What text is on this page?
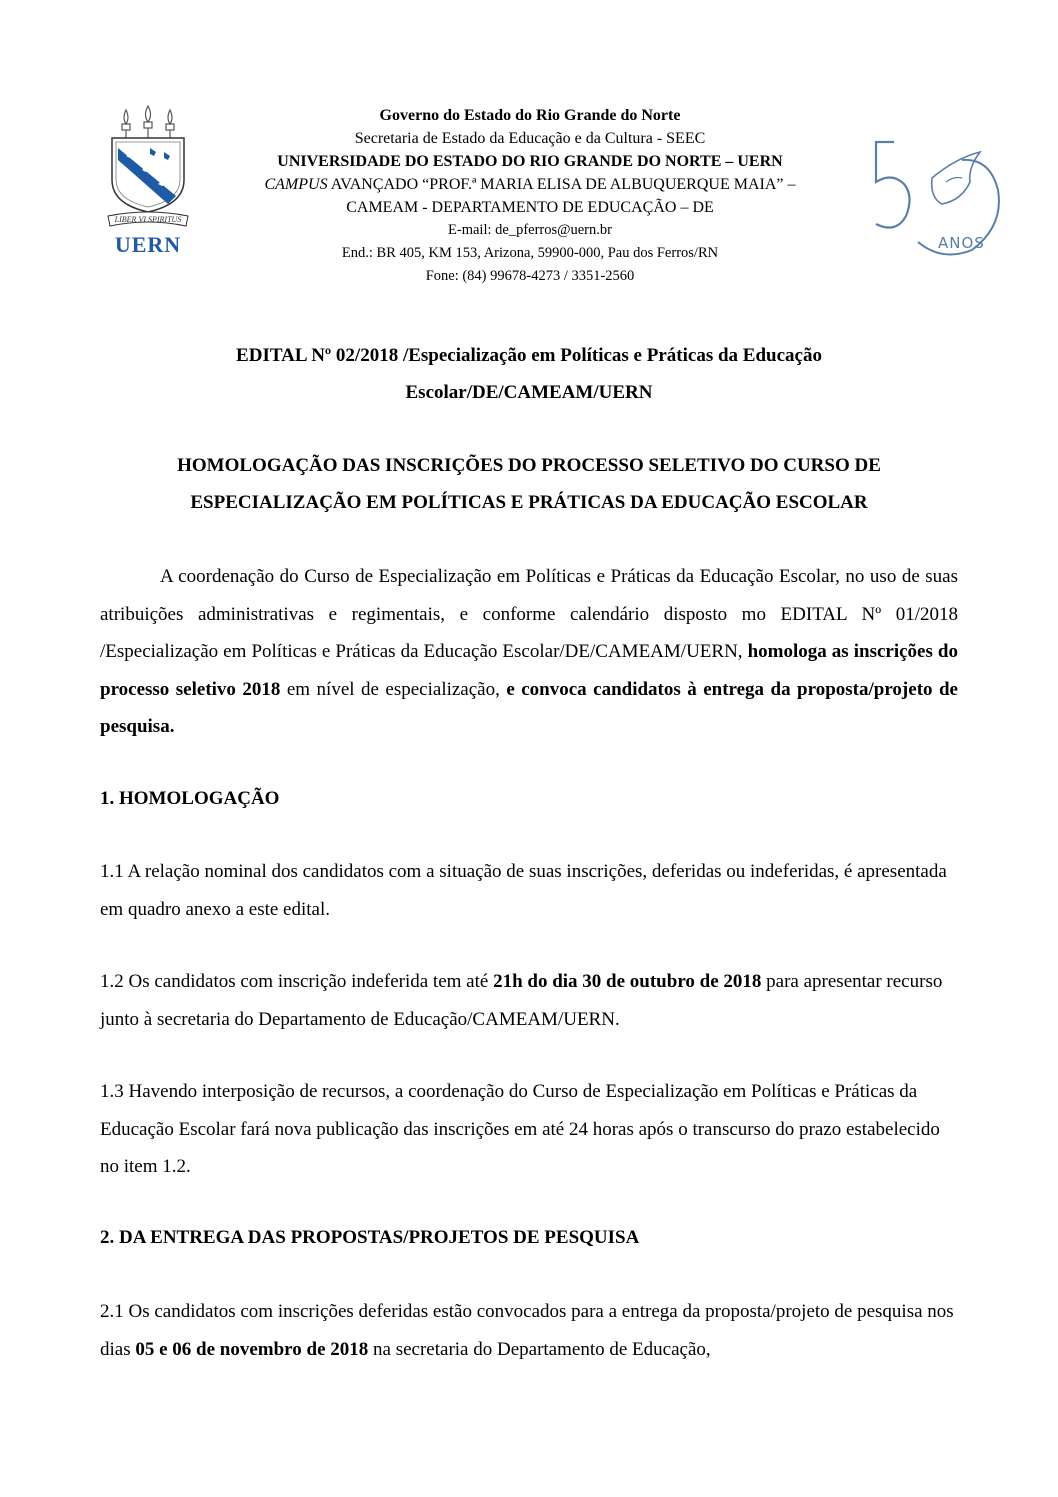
LIBER VI SPIRITUS
UERN
Governo do Estado do Rio Grande do Norte
Secretaria de Estado da Educação e da Cultura - SEEC
UNIVERSIDADE DO ESTADO DO RIO GRANDE DO NORTE – UERN
CAMPUS AVANÇADO “PROF.ª MARIA ELISA DE ALBUQUERQUE MAIA” –
CAMEAM - DEPARTAMENTO DE EDUCAÇÃO – DE
E-mail: de_pferros@uern.br
End.: BR 405, KM 153, Arizona, 59900-000, Pau dos Ferros/RN
Fone: (84) 99678-4273 / 3351-2560
ANOS
EDITAL Nº 02/2018 /Especialização em Políticas e Práticas da Educação
Escolar/DE/CAMEAM/UERN
HOMOLOGAÇÃO DAS INSCRIÇÕES DO PROCESSO SELETIVO DO CURSO DE
ESPECIALIZAÇÃO EM POLÍTICAS E PRÁTICAS DA EDUCAÇÃO ESCOLAR
A coordenação do Curso de Especialização em Políticas e Práticas da Educação Escolar, no uso de suas atribuições administrativas e regimentais, e conforme calendário disposto mo EDITAL Nº 01/2018 /Especialização em Políticas e Práticas da Educação Escolar/DE/CAMEAM/UERN, homologa as inscrições do processo seletivo 2018 em nível de especialização, e convoca candidatos à entrega da proposta/projeto de pesquisa.
1. HOMOLOGAÇÃO
1.1 A relação nominal dos candidatos com a situação de suas inscrições, deferidas ou indeferidas, é apresentada em quadro anexo a este edital.
1.2 Os candidatos com inscrição indeferida tem até 21h do dia 30 de outubro de 2018 para apresentar recurso junto à secretaria do Departamento de Educação/CAMEAM/UERN.
1.3 Havendo interposição de recursos, a coordenação do Curso de Especialização em Políticas e Práticas da Educação Escolar fará nova publicação das inscrições em até 24 horas após o transcurso do prazo estabelecido no item 1.2.
2. DA ENTREGA DAS PROPOSTAS/PROJETOS DE PESQUISA
2.1 Os candidatos com inscrições deferidas estão convocados para a entrega da proposta/projeto de pesquisa nos dias 05 e 06 de novembro de 2018 na secretaria do Departamento de Educação,
